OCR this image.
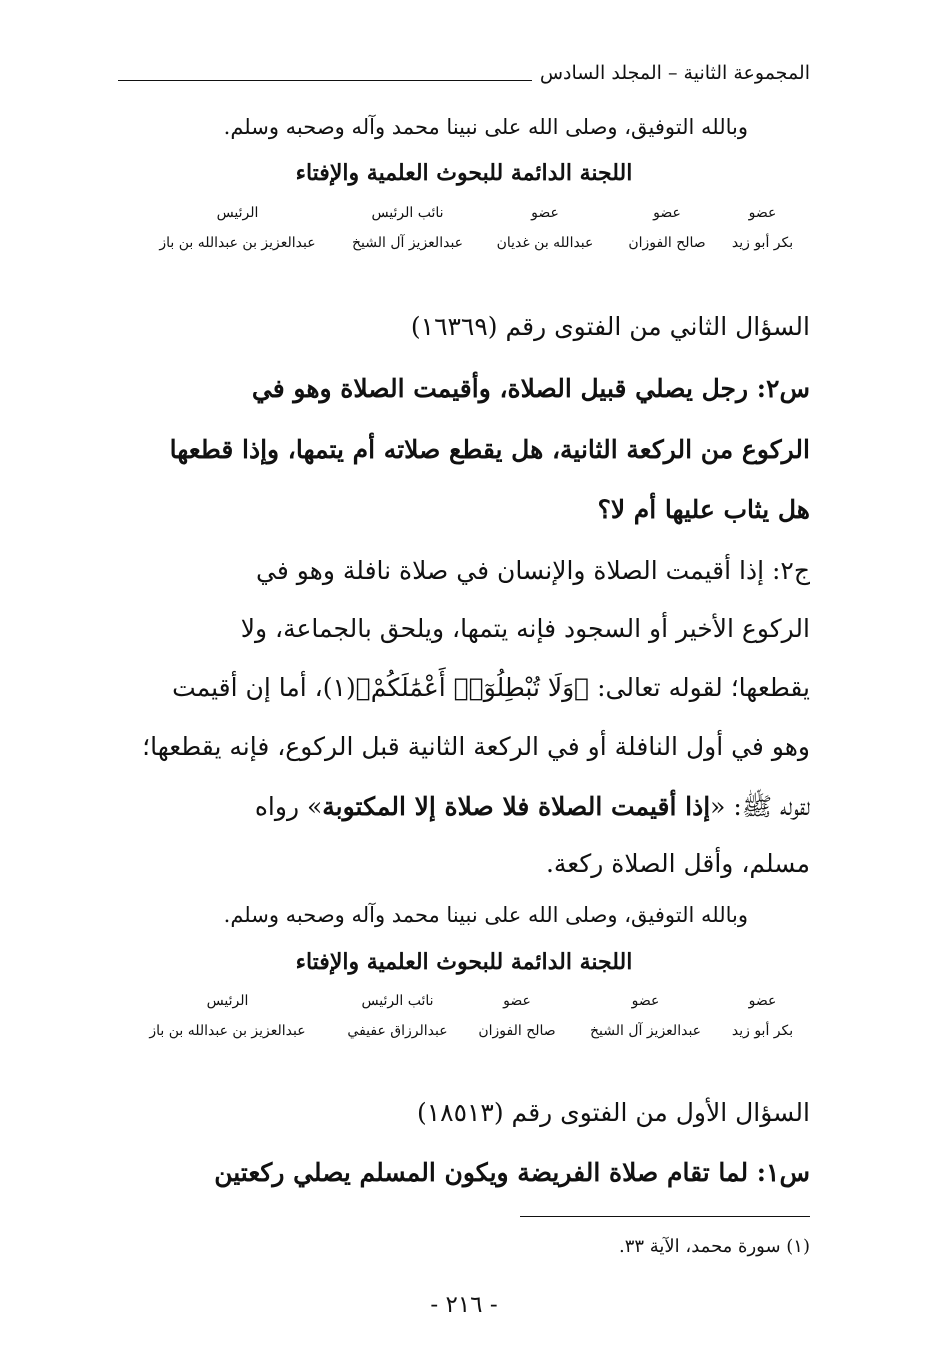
المجموعة الثانية – المجلد السادس
وبالله التوفيق، وصلى الله على نبينا محمد وآله وصحبه وسلم.
اللجنة الدائمة للبحوث العلمية والإفتاء
عضو
بكر أبو زيد
عضو
صالح الفوزان
عضو
عبدالله بن غديان
نائب الرئيس
عبدالعزيز آل الشيخ
الرئيس
عبدالعزيز بن عبدالله بن باز
السؤال الثاني من الفتوى رقم (١٦٣٦٩)
س٢: رجل يصلي قبيل الصلاة، وأقيمت الصلاة وهو في
الركوع من الركعة الثانية، هل يقطع صلاته أم يتمها، وإذا قطعها
هل يثاب عليها أم لا؟
ج٢: إذا أقيمت الصلاة والإنسان في صلاة نافلة وهو في
الركوع الأخير أو السجود فإنه يتمها، ويلحق بالجماعة، ولا
يقطعها؛ لقوله تعالى: ﴿وَلَا تُبْطِلُوٓا۟ أَعْمَٰلَكُمْ﴾(١)، أما إن أقيمت
وهو في أول النافلة أو في الركعة الثانية قبل الركوع، فإنه يقطعها؛
لقوله ﷺ: «إذا أقيمت الصلاة فلا صلاة إلا المكتوبة» رواه
مسلم، وأقل الصلاة ركعة.
وبالله التوفيق، وصلى الله على نبينا محمد وآله وصحبه وسلم.
اللجنة الدائمة للبحوث العلمية والإفتاء
عضو
بكر أبو زيد
عضو
عبدالعزيز آل الشيخ
عضو
صالح الفوزان
نائب الرئيس
عبدالرزاق عفيفي
الرئيس
عبدالعزيز بن عبدالله بن باز
السؤال الأول من الفتوى رقم (١٨٥١٣)
س١: لما تقام صلاة الفريضة ويكون المسلم يصلي ركعتين
(١) سورة محمد، الآية ٣٣.
- ٢١٦ -
